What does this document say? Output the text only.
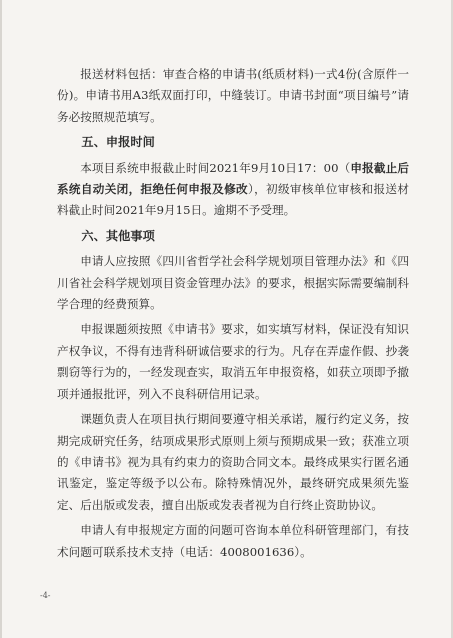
报送材料包括：审查合格的申请书(纸质材料)一式4份(含原件一份)。申请书用A3纸双面打印，中缝装订。申请书封面“项目编号”请务必按照规范填写。

五、申报时间

本项目系统申报截止时间2021年9月10日17：00（申报截止后系统自动关闭，拒绝任何申报及修改），初级审核单位审核和报送材料截止时间2021年9月15日。逾期不予受理。

六、其他事项

申请人应按照《四川省哲学社会科学规划项目管理办法》和《四川省社会科学规划项目资金管理办法》的要求，根据实际需要编制科学合理的经费预算。

申报课题须按照《申请书》要求，如实填写材料，保证没有知识产权争议，不得有违背科研诚信要求的行为。凡存在弄虚作假、抄袭剽窃等行为的，一经发现查实，取消五年申报资格，如获立项即予撤项并通报批评，列入不良科研信用记录。

课题负责人在项目执行期间要遵守相关承诺，履行约定义务，按期完成研究任务，结项成果形式原则上须与预期成果一致；获准立项的《申请书》视为具有约束力的资助合同文本。最终成果实行匿名通讯鉴定，鉴定等级予以公布。除特殊情况外，最终研究成果须先鉴定、后出版或发表，擅自出版或发表者视为自行终止资助协议。

申请人有申报规定方面的问题可咨询本单位科研管理部门，有技术问题可联系技术支持（电话：4008001636）。

-4-
